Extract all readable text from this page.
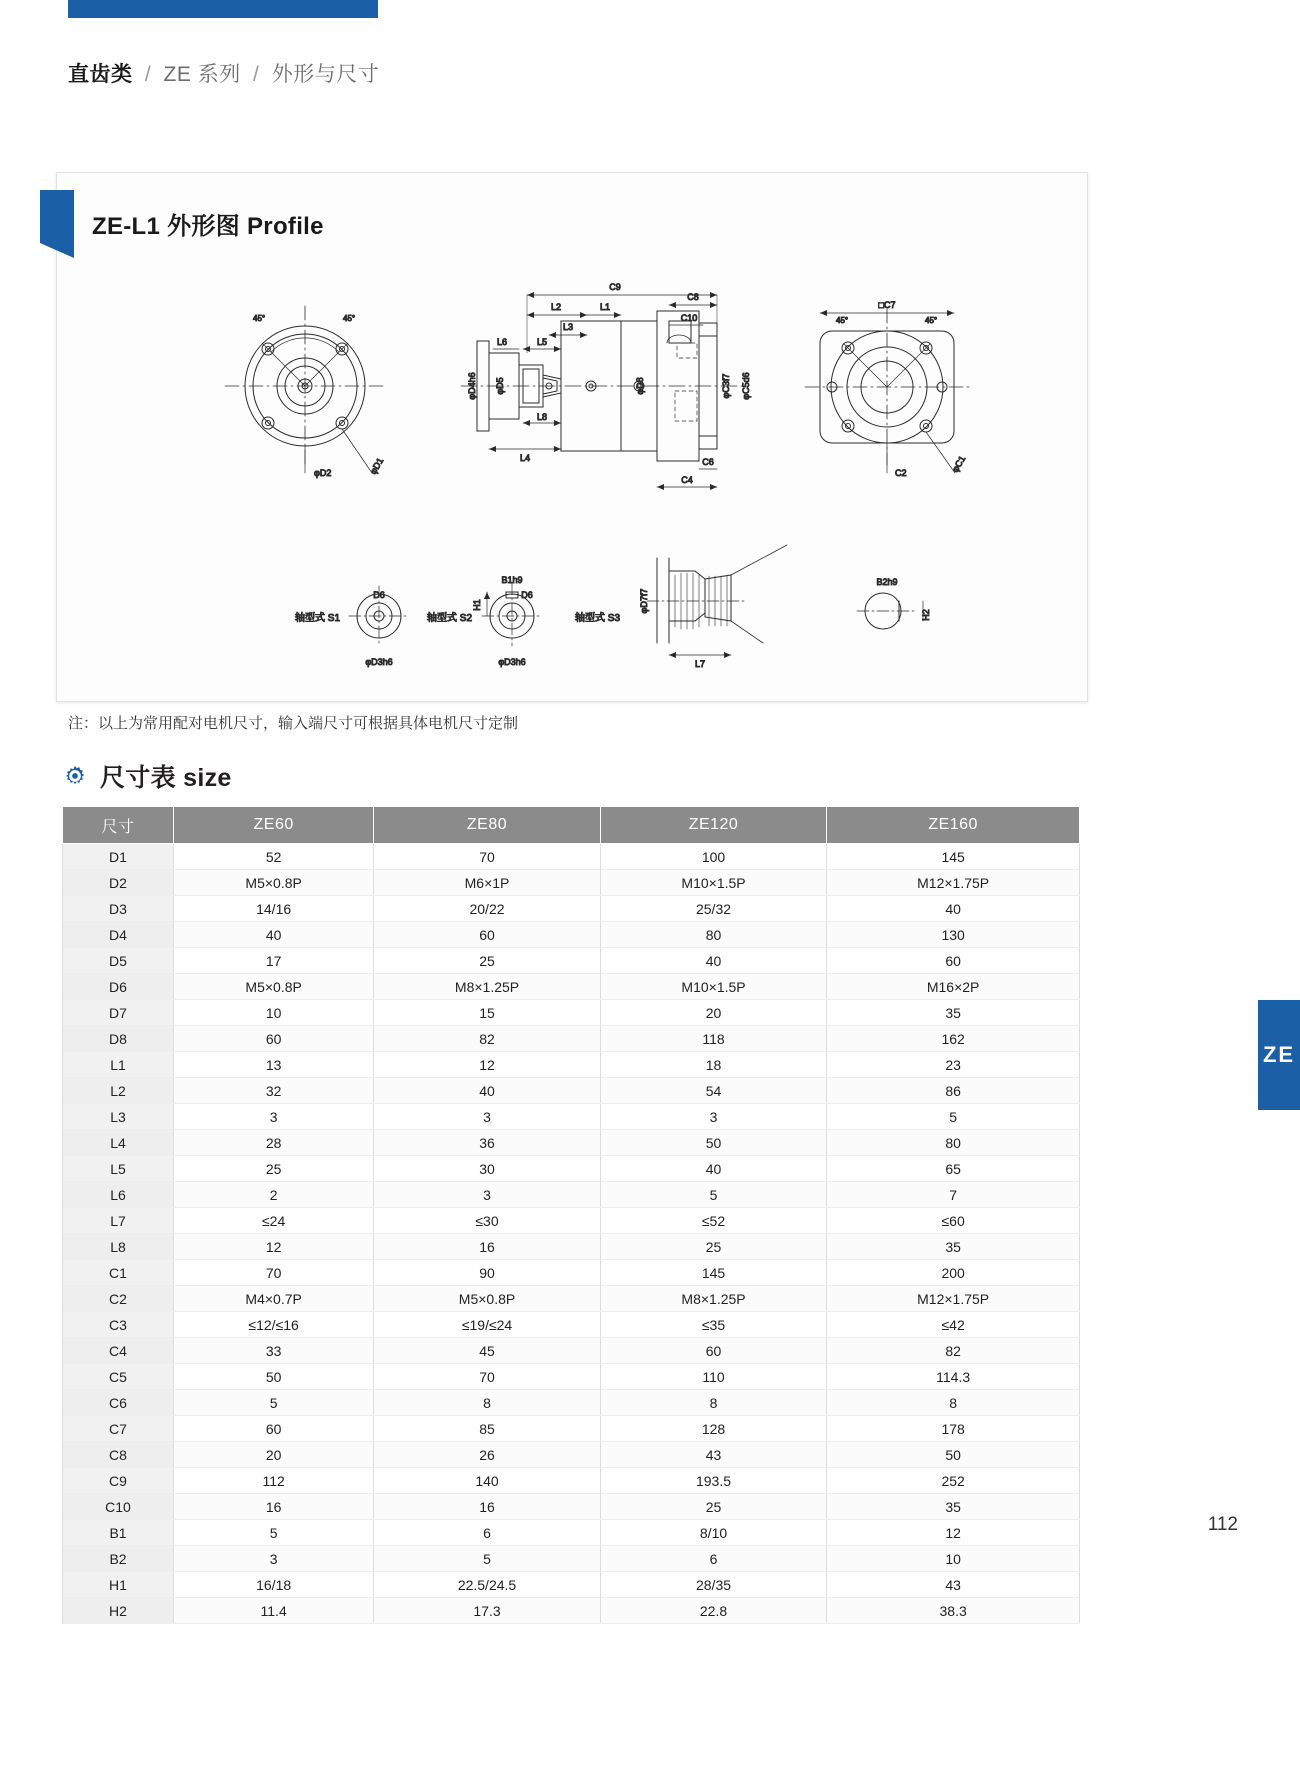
直齿类 / ZE 系列 / 外形与尺寸
ZE-L1 外形图 Profile
φD2	φD1
45°	45°
C9
L2	L1
L3
C8
C10
L6	L5
L8
L4	C6
C4
φD4h6 φD5	φD8	φC3f7 φC5d6
45°	45°
□C7
C2	φC1
D6
φD3h6
轴型式 S1
H1
B1h9
D6
φD3h6
轴型式 S2
φD7f7
L7
轴型式 S3
B2h9
H2
注：以上为常用配对电机尺寸，输入端尺寸可根据具体电机尺寸定制
尺寸表 size
尺寸	ZE60	ZE80	ZE120	ZE160
D1	52	70	100	145
D2	M5×0.8P	M6×1P	M10×1.5P	M12×1.75P
D3	14/16	20/22	25/32	40
D4	40	60	80	130
D5	17	25	40	60
D6	M5×0.8P	M8×1.25P	M10×1.5P	M16×2P
D7	10	15	20	35
D8	60	82	118	162
L1	13	12	18	23
L2	32	40	54	86
L3	3	3	3	5
L4	28	36	50	80
L5	25	30	40	65
L6	2	3	5	7
L7	≤24	≤30	≤52	≤60
L8	12	16	25	35
C1	70	90	145	200
C2	M4×0.7P	M5×0.8P	M8×1.25P	M12×1.75P
C3	≤12/≤16	≤19/≤24	≤35	≤42
C4	33	45	60	82
C5	50	70	110	114.3
C6	5	8	8	8
C7	60	85	128	178
C8	20	26	43	50
C9	112	140	193.5	252
C10	16	16	25	35
B1	5	6	8/10	12
B2	3	5	6	10
H1	16/18	22.5/24.5	28/35	43
H2	11.4	17.3	22.8	38.3
ZE
112
